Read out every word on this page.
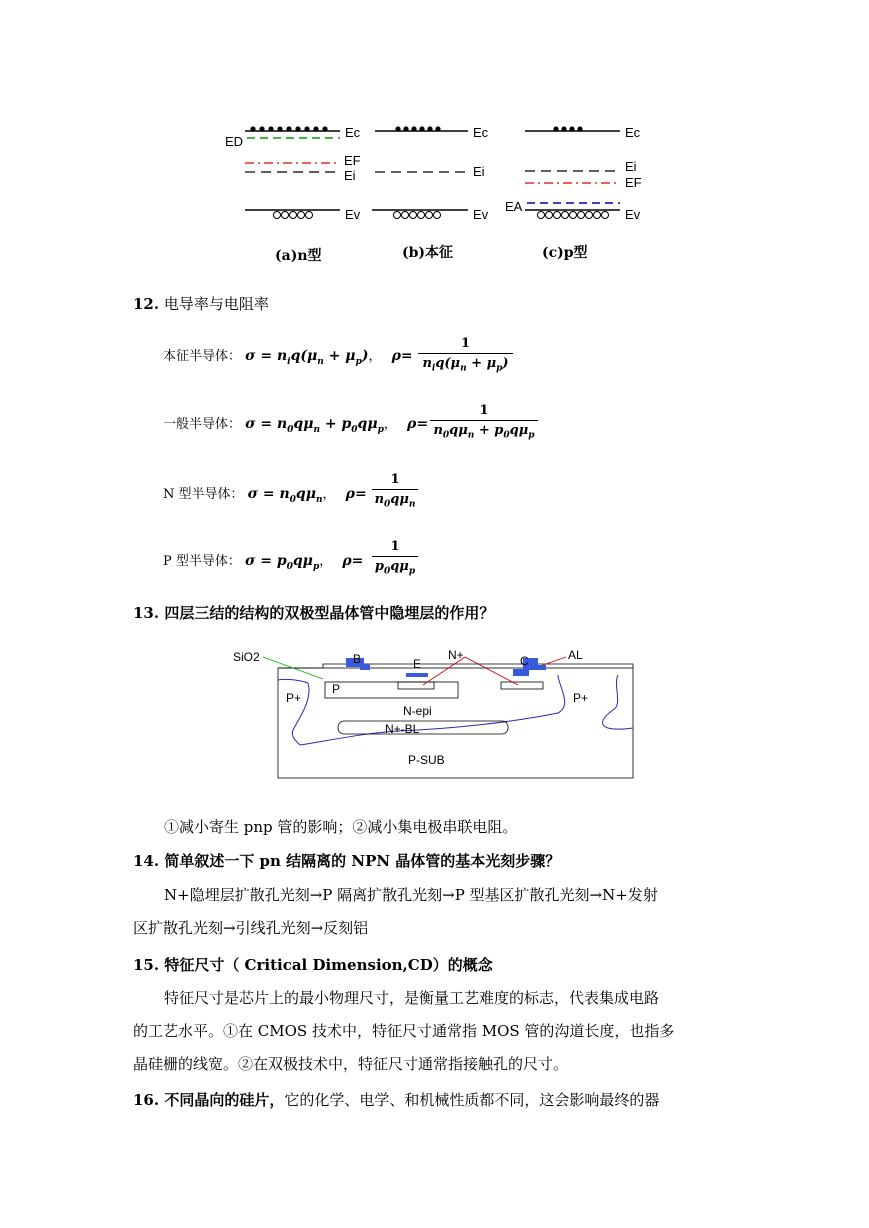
Ec
ED
EF
Ei
Ev
Ec
Ei
Ev
Ec
Ei
EF
EA
Ev
(a)n型	(b)本征	(c)p型
12. 电导率与电阻率
本征半导体： $\sigma = n_iq(\mu_n + \mu_p)$， ρ=
1
$n_iq(\mu_n + \mu_p)$
一般半导体： $\sigma = n_0q\mu_n + p_0q\mu_p$， ρ=
1
$n_0q\mu_n + p_0q\mu_p$
N 型半导体： $\sigma = n_0q\mu_n$， ρ=
1
$n_0q\mu_n$
P 型半导体： $\sigma = p_0q\mu_p$， ρ=
1
$p_0q\mu_p$
13. 四层三结的结构的双极型晶体管中隐埋层的作用？
SiO2	B	E
N+	C	AL
P+
P
P+
N-epi
N+-BL
P-SUB
①减小寄生 pnp 管的影响；②减小集电极串联电阻。
14. 简单叙述一下 pn 结隔离的 NPN 晶体管的基本光刻步骤？
N+隐埋层扩散孔光刻→P 隔离扩散孔光刻→P 型基区扩散孔光刻→N+发射
区扩散孔光刻→引线孔光刻→反刻铝
15. 特征尺寸（ Critical Dimension,CD）的概念
特征尺寸是芯片上的最小物理尺寸，是衡量工艺难度的标志，代表集成电路
的工艺水平。①在 CMOS 技术中，特征尺寸通常指 MOS 管的沟道长度，也指多
晶硅栅的线宽。②在双极技术中，特征尺寸通常指接触孔的尺寸。
16. 不同晶向的硅片，它的化学、电学、和机械性质都不同，这会影响最终的器
